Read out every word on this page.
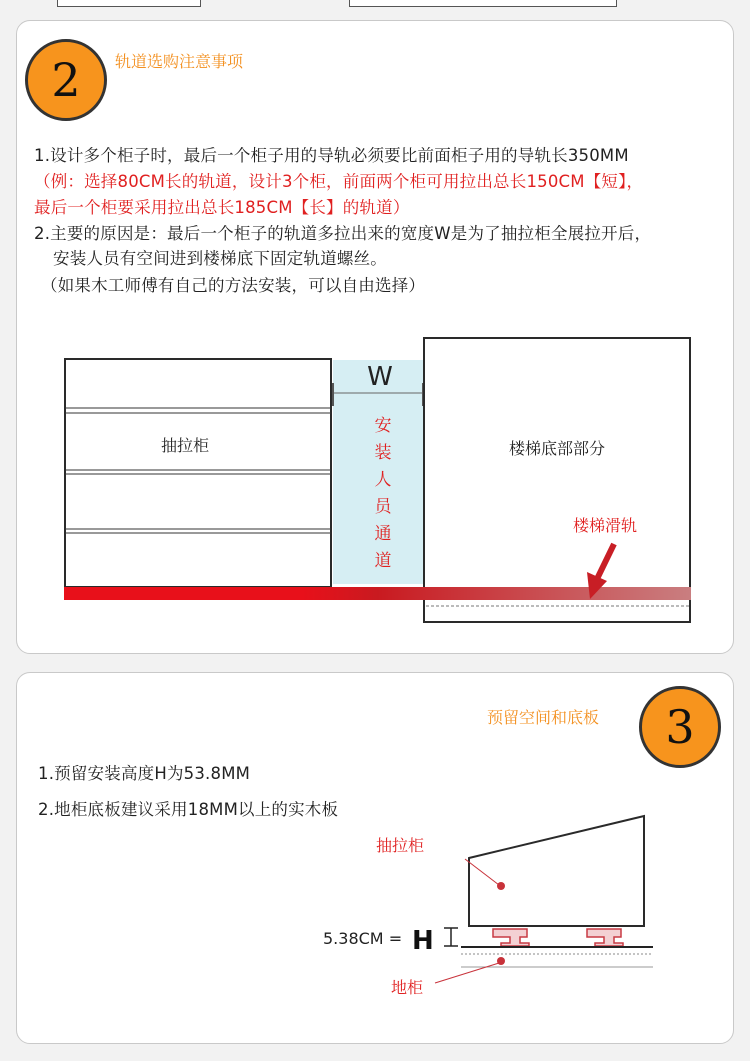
2	轨道选购注意事项
1.设计多个柜子时，最后一个柜子用的导轨必须要比前面柜子用的导轨长350MM
（例：选择80CM长的轨道，设计3个柜，前面两个柜可用拉出总长150CM【短】，
最后一个柜要采用拉出总长185CM【长】的轨道）
2.主要的原因是：最后一个柜子的轨道多拉出来的宽度W是为了抽拉柜全展拉开后，
安装人员有空间进到楼梯底下固定轨道螺丝。
（如果木工师傅有自己的方法安装，可以自由选择）
W
安
装
人
员
通
道
抽拉柜	楼梯底部部分
楼梯滑轨
3
预留空间和底板
1.预留安装高度H为53.8MM
2.地柜底板建议采用18MM以上的实木板
抽拉柜
5.38CM = H
地柜
